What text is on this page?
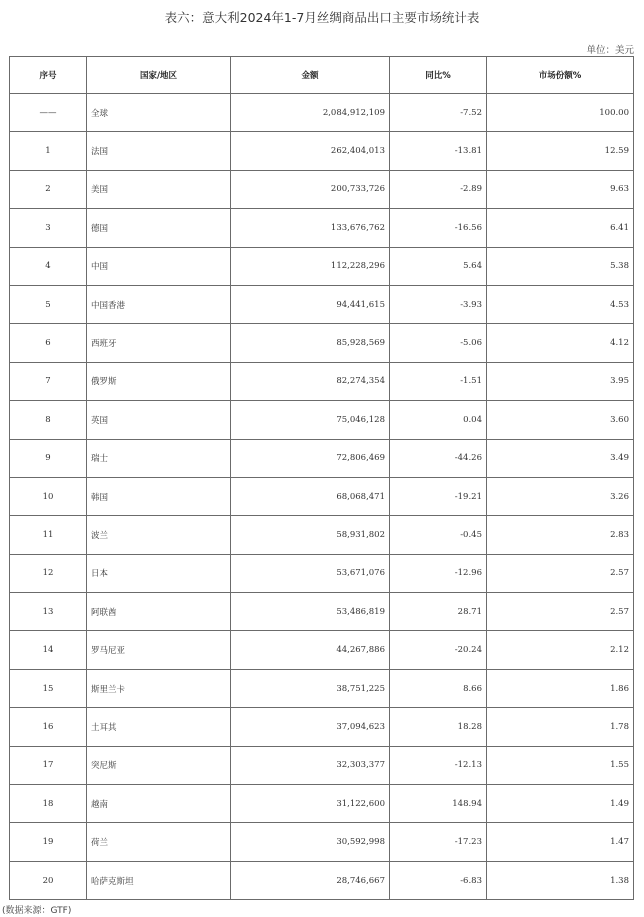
表六：意大利2024年1-7月丝绸商品出口主要市场统计表
单位：美元
序号	国家/地区	金额	同比%	市场份额%
——	全球	2,084,912,109	-7.52	100.00
1	法国	262,404,013	-13.81	12.59
2	美国	200,733,726	-2.89	9.63
3	德国	133,676,762	-16.56	6.41
4	中国	112,228,296	5.64	5.38
5	中国香港	94,441,615	-3.93	4.53
6	西班牙	85,928,569	-5.06	4.12
7	俄罗斯	82,274,354	-1.51	3.95
8	英国	75,046,128	0.04	3.60
9	瑞士	72,806,469	-44.26	3.49
10	韩国	68,068,471	-19.21	3.26
11	波兰	58,931,802	-0.45	2.83
12	日本	53,671,076	-12.96	2.57
13	阿联酋	53,486,819	28.71	2.57
14	罗马尼亚	44,267,886	-20.24	2.12
15	斯里兰卡	38,751,225	8.66	1.86
16	土耳其	37,094,623	18.28	1.78
17	突尼斯	32,303,377	-12.13	1.55
18	越南	31,122,600	148.94	1.49
19	荷兰	30,592,998	-17.23	1.47
20	哈萨克斯坦	28,746,667	-6.83	1.38
(数据来源：GTF)
